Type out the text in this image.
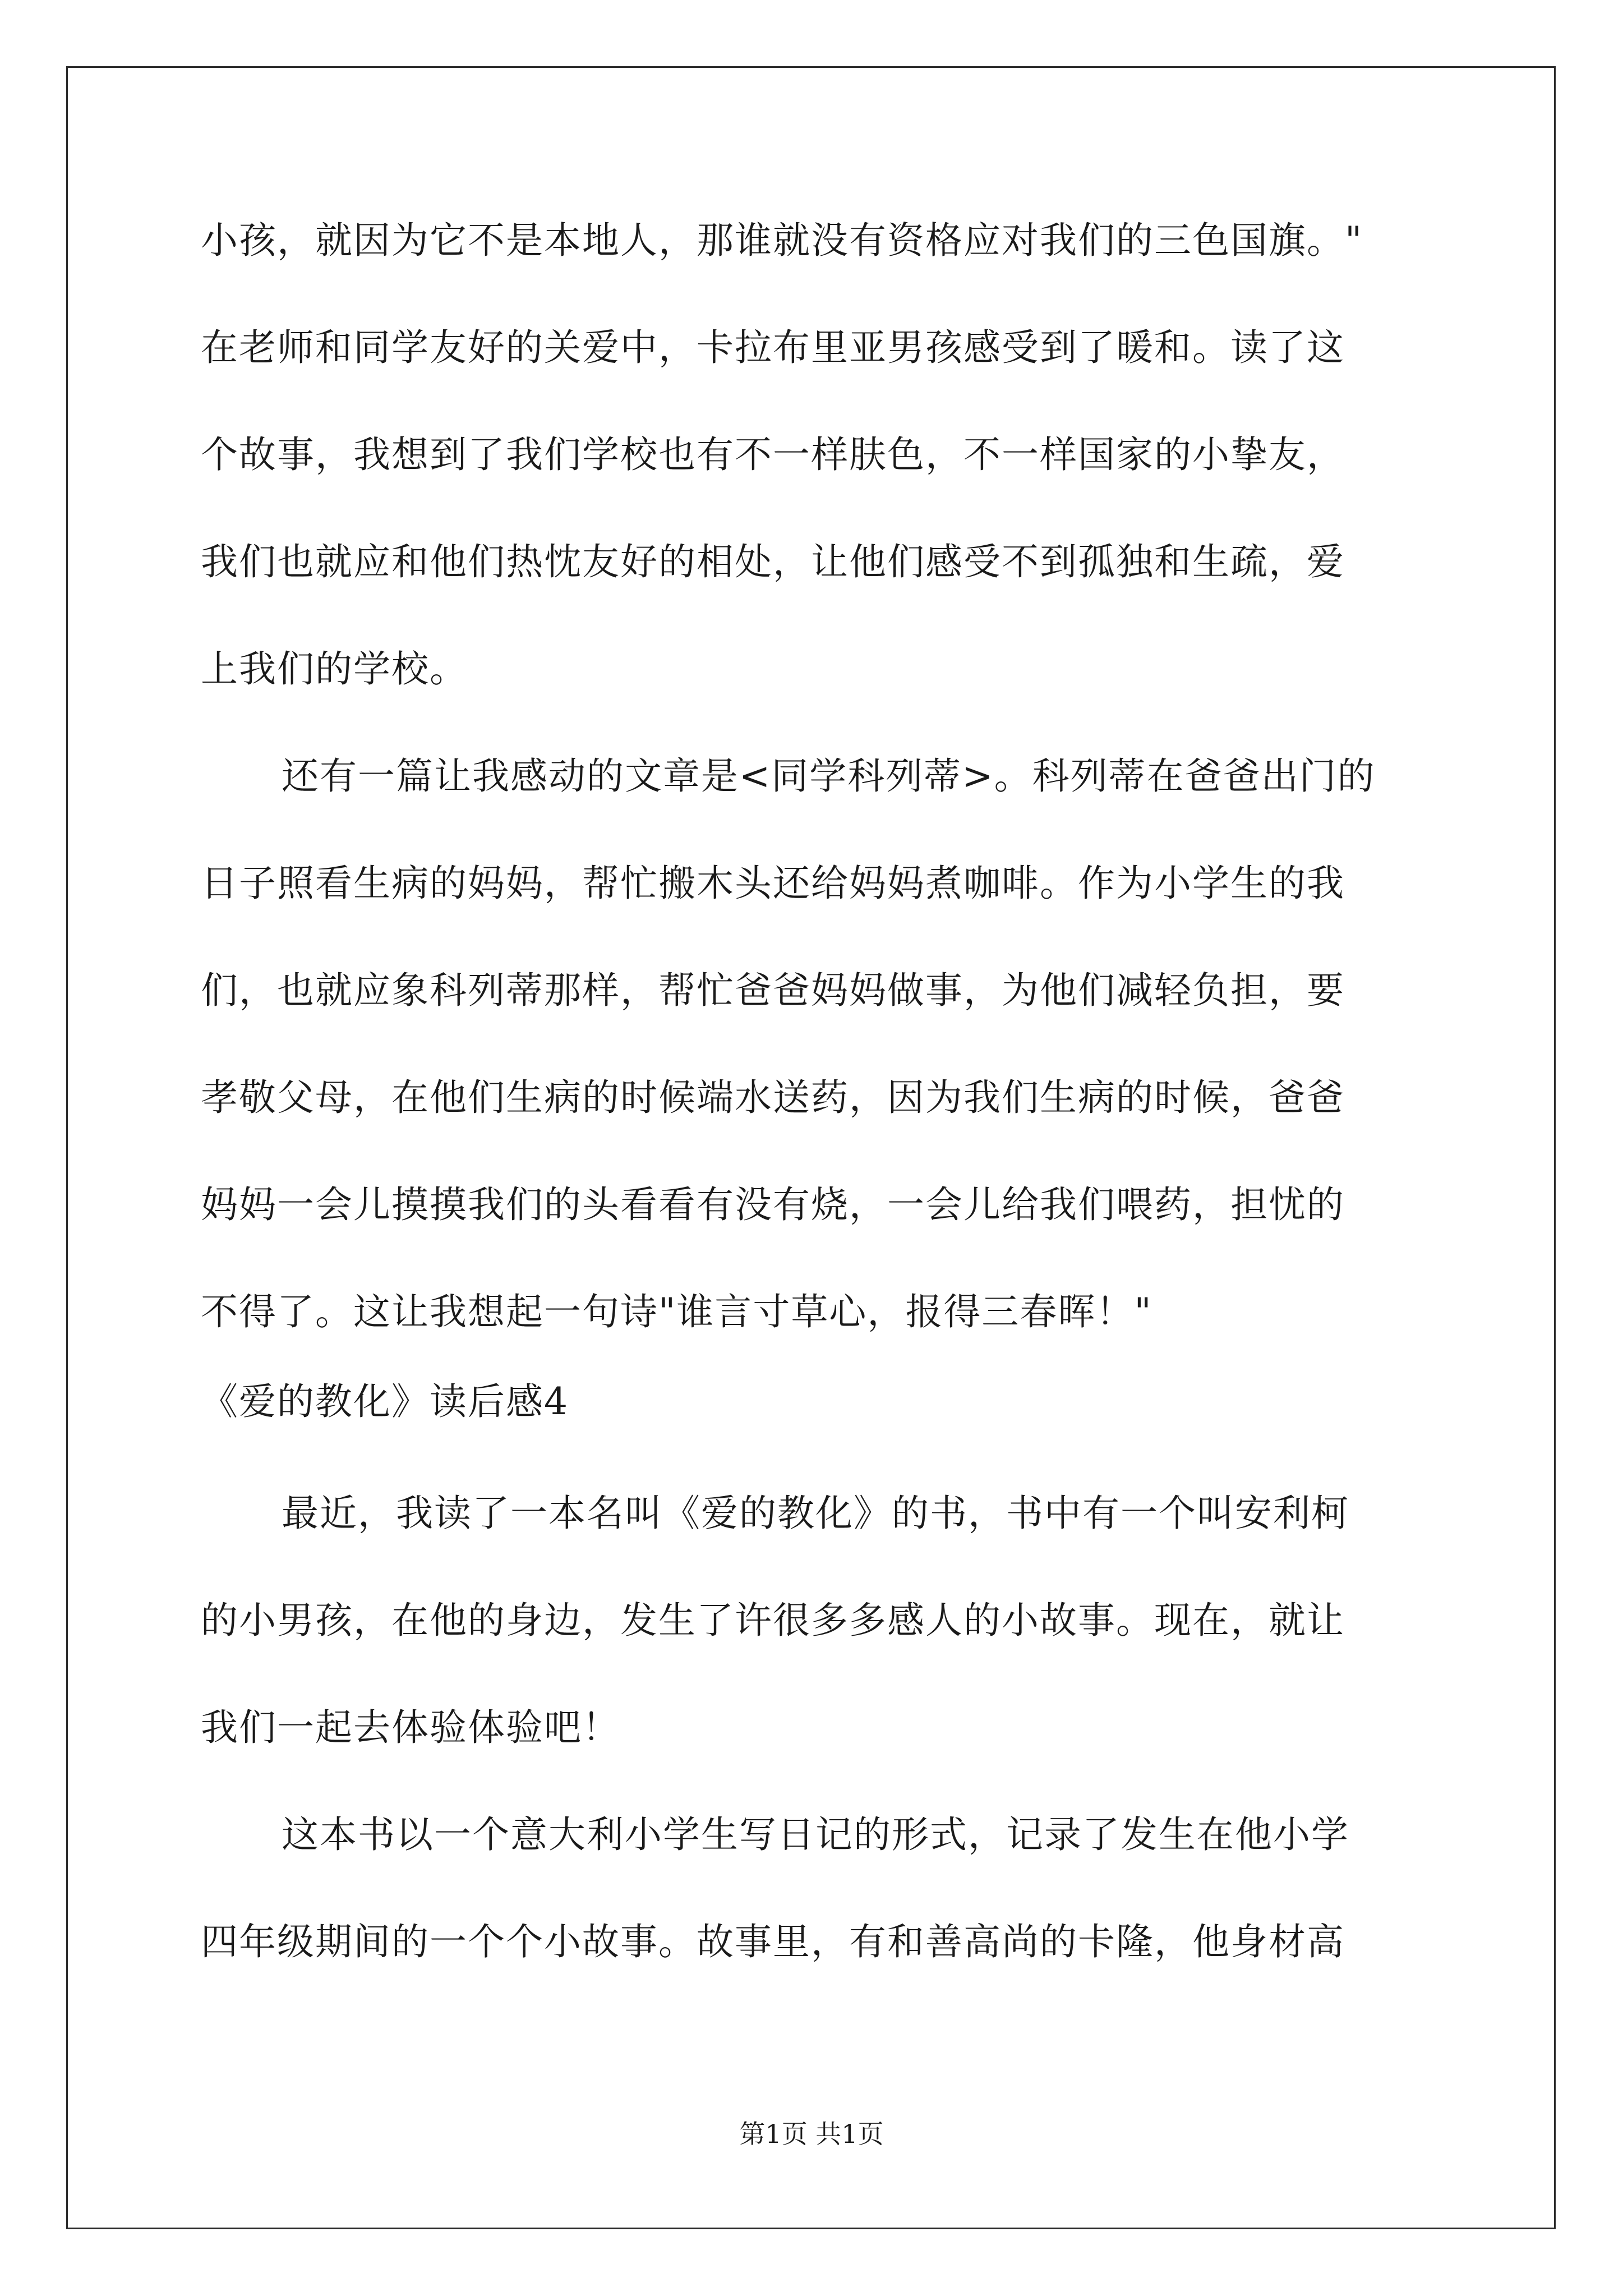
小孩，就因为它不是本地人，那谁就没有资格应对我们的三色国旗。"
在老师和同学友好的关爱中，卡拉布里亚男孩感受到了暖和。读了这
个故事，我想到了我们学校也有不一样肤色，不一样国家的小挚友，
我们也就应和他们热忱友好的相处，让他们感受不到孤独和生疏，爱
上我们的学校。
还有一篇让我感动的文章是<同学科列蒂>。科列蒂在爸爸出门的
日子照看生病的妈妈，帮忙搬木头还给妈妈煮咖啡。作为小学生的我
们，也就应象科列蒂那样，帮忙爸爸妈妈做事，为他们减轻负担，要
孝敬父母，在他们生病的时候端水送药，因为我们生病的时候，爸爸
妈妈一会儿摸摸我们的头看看有没有烧，一会儿给我们喂药，担忧的
不得了。这让我想起一句诗"谁言寸草心，报得三春晖！"
《爱的教化》读后感4
最近，我读了一本名叫《爱的教化》的书，书中有一个叫安利柯
的小男孩，在他的身边，发生了许很多多感人的小故事。现在，就让
我们一起去体验体验吧！
这本书以一个意大利小学生写日记的形式，记录了发生在他小学
四年级期间的一个个小故事。故事里，有和善高尚的卡隆，他身材高
第1页 共1页
